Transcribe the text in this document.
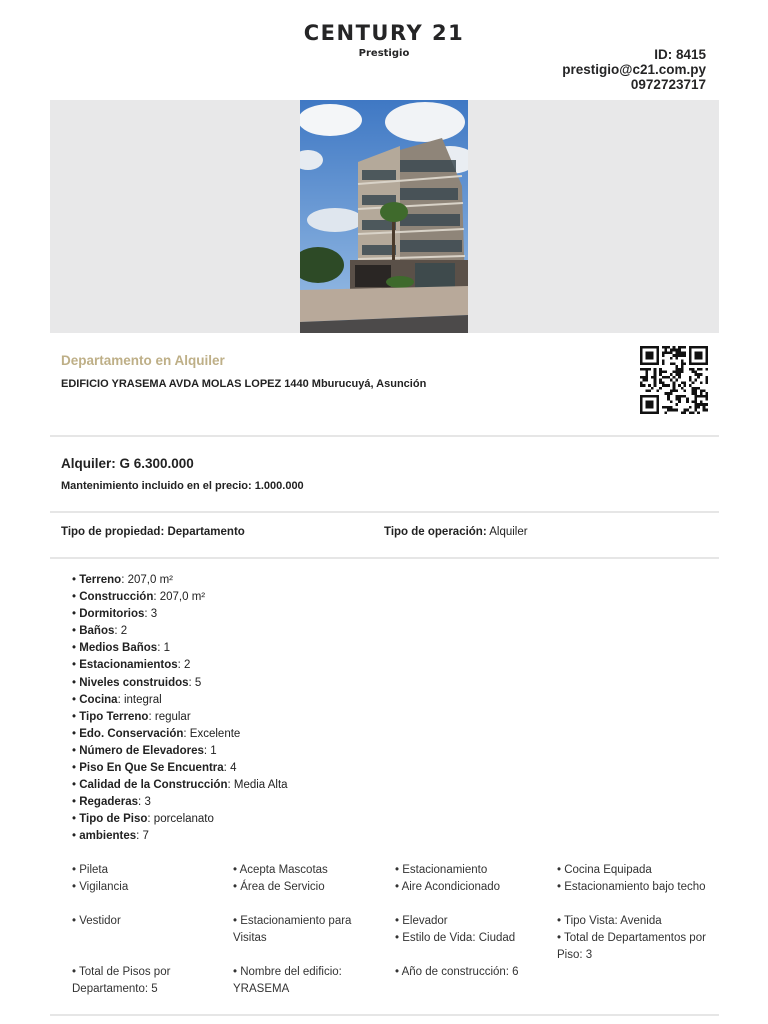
CENTURY 21
Prestigio	ID: 8415
prestigio@c21.com.py
0972723717
Departamento en Alquiler
EDIFICIO YRASEMA AVDA MOLAS LOPEZ 1440 Mburucuyá, Asunción
Alquiler: G 6.300.000
Mantenimiento incluido en el precio: 1.000.000
Tipo de propiedad: Departamento	Tipo de operación: Alquiler
• Terreno: 207,0 m²
• Construcción: 207,0 m²
• Dormitorios: 3
• Baños: 2
• Medios Baños: 1
• Estacionamientos: 2
• Niveles construidos: 5
• Cocina: integral
• Tipo Terreno: regular
• Edo. Conservación: Excelente
• Número de Elevadores: 1
• Piso En Que Se Encuentra: 4
• Calidad de la Construcción: Media Alta
• Regaderas: 3
• Tipo de Piso: porcelanato
• ambientes: 7
• Pileta	• Acepta Mascotas	• Estacionamiento	• Cocina Equipada
• Vigilancia	• Área de Servicio	• Aire Acondicionado	• Estacionamiento bajo techo
• Vestidor	• Estacionamiento para Visitas
• Elevador	• Tipo Vista: Avenida
• Estilo de Vida: Ciudad	• Total de Departamentos por Piso: 3
• Total de Pisos por Departamento: 5
• Nombre del edificio: YRASEMA
• Año de construcción: 6
